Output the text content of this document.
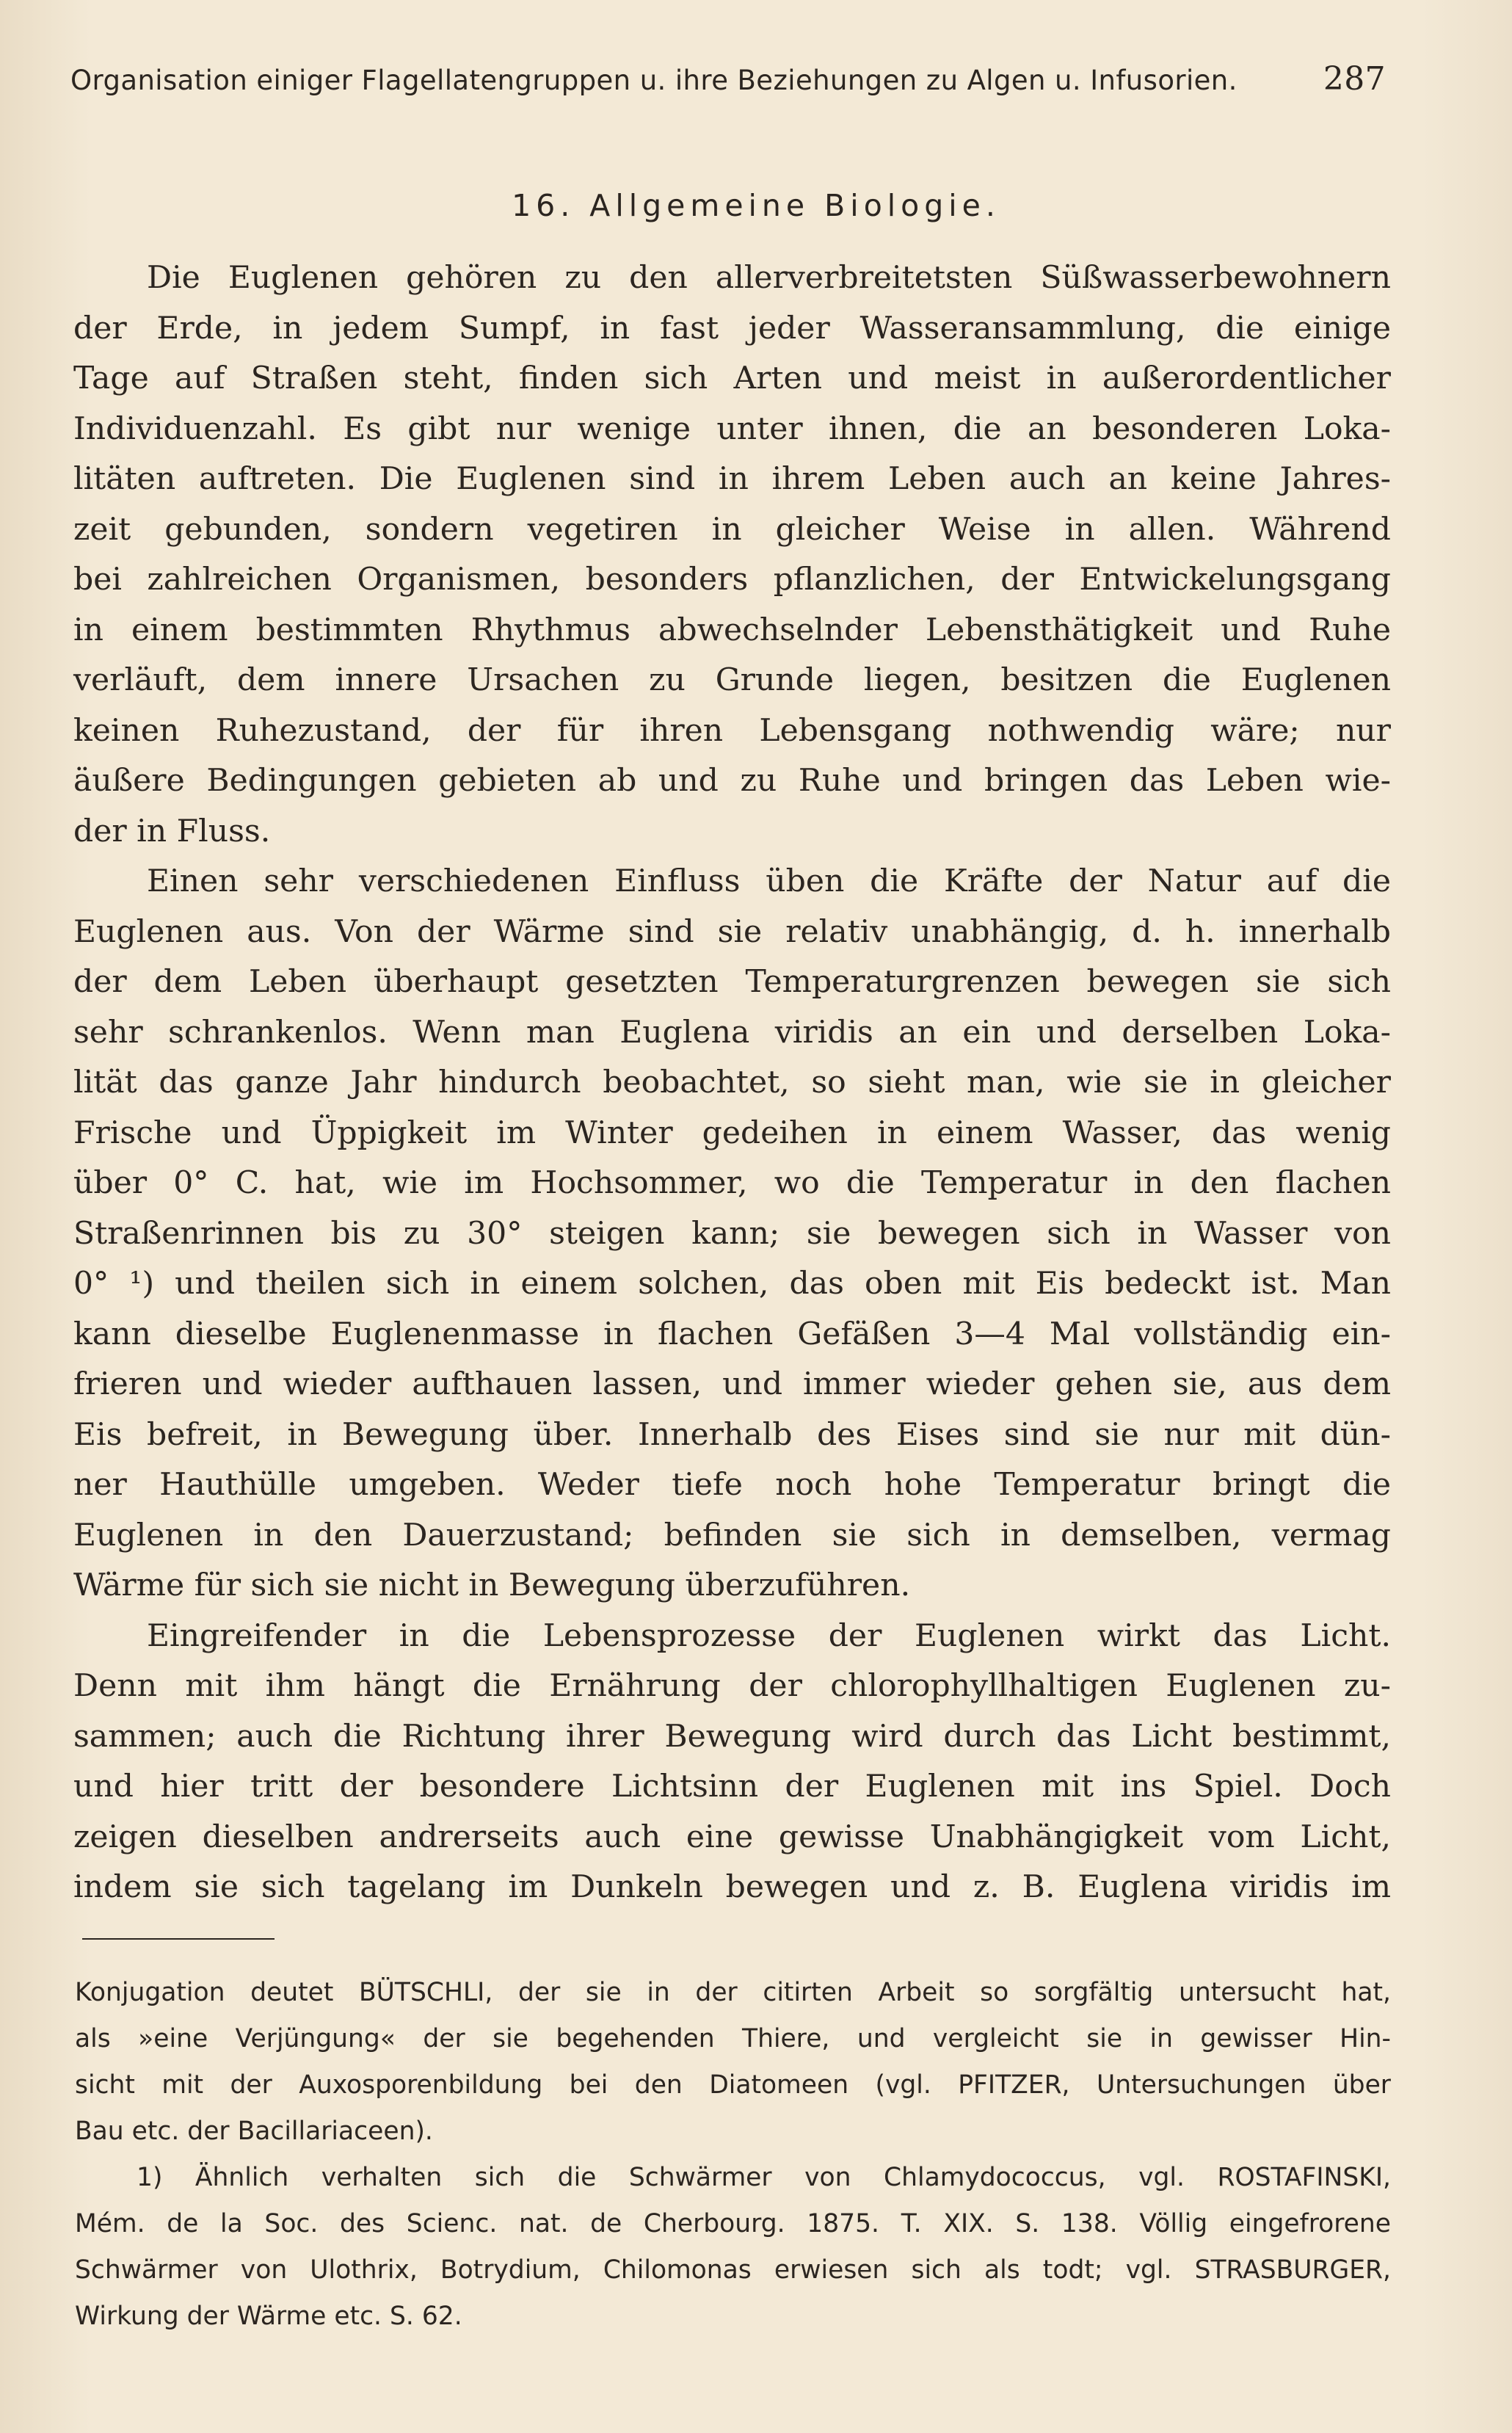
Organisation einiger Flagellatengruppen u. ihre Beziehungen zu Algen u. Infusorien.	287
16. Allgemeine Biologie.
Die Euglenen gehören zu den allerverbreitetsten Süßwasserbewohnern
der Erde, in jedem Sumpf, in fast jeder Wasseransammlung, die einige
Tage auf Straßen steht, finden sich Arten und meist in außerordentlicher
Individuenzahl. Es gibt nur wenige unter ihnen, die an besonderen Loka-
litäten auftreten. Die Euglenen sind in ihrem Leben auch an keine Jahres-
zeit gebunden, sondern vegetiren in gleicher Weise in allen. Während
bei zahlreichen Organismen, besonders pflanzlichen, der Entwickelungsgang
in einem bestimmten Rhythmus abwechselnder Lebensthätigkeit und Ruhe
verläuft, dem innere Ursachen zu Grunde liegen, besitzen die Euglenen
keinen Ruhezustand, der für ihren Lebensgang nothwendig wäre; nur
äußere Bedingungen gebieten ab und zu Ruhe und bringen das Leben wie-
der in Fluss.
Einen sehr verschiedenen Einfluss üben die Kräfte der Natur auf die
Euglenen aus. Von der Wärme sind sie relativ unabhängig, d. h. innerhalb
der dem Leben überhaupt gesetzten Temperaturgrenzen bewegen sie sich
sehr schrankenlos. Wenn man Euglena viridis an ein und derselben Loka-
lität das ganze Jahr hindurch beobachtet, so sieht man, wie sie in gleicher
Frische und Üppigkeit im Winter gedeihen in einem Wasser, das wenig
über 0° C. hat, wie im Hochsommer, wo die Temperatur in den flachen
Straßenrinnen bis zu 30° steigen kann; sie bewegen sich in Wasser von
0° ¹) und theilen sich in einem solchen, das oben mit Eis bedeckt ist. Man
kann dieselbe Euglenenmasse in flachen Gefäßen 3—4 Mal vollständig ein-
frieren und wieder aufthauen lassen, und immer wieder gehen sie, aus dem
Eis befreit, in Bewegung über. Innerhalb des Eises sind sie nur mit dün-
ner Hauthülle umgeben. Weder tiefe noch hohe Temperatur bringt die
Euglenen in den Dauerzustand; befinden sie sich in demselben, vermag
Wärme für sich sie nicht in Bewegung überzuführen.
Eingreifender in die Lebensprozesse der Euglenen wirkt das Licht.
Denn mit ihm hängt die Ernährung der chlorophyllhaltigen Euglenen zu-
sammen; auch die Richtung ihrer Bewegung wird durch das Licht bestimmt,
und hier tritt der besondere Lichtsinn der Euglenen mit ins Spiel. Doch
zeigen dieselben andrerseits auch eine gewisse Unabhängigkeit vom Licht,
indem sie sich tagelang im Dunkeln bewegen und z. B. Euglena viridis im
Konjugation deutet BÜTSCHLI, der sie in der citirten Arbeit so sorgfältig untersucht hat,
als »eine Verjüngung« der sie begehenden Thiere, und vergleicht sie in gewisser Hin-
sicht mit der Auxosporenbildung bei den Diatomeen (vgl. PFITZER, Untersuchungen über
Bau etc. der Bacillariaceen).
1) Ähnlich verhalten sich die Schwärmer von Chlamydococcus, vgl. ROSTAFINSKI,
Mém. de la Soc. des Scienc. nat. de Cherbourg. 1875. T. XIX. S. 138. Völlig eingefrorene
Schwärmer von Ulothrix, Botrydium, Chilomonas erwiesen sich als todt; vgl. STRASBURGER,
Wirkung der Wärme etc. S. 62.
